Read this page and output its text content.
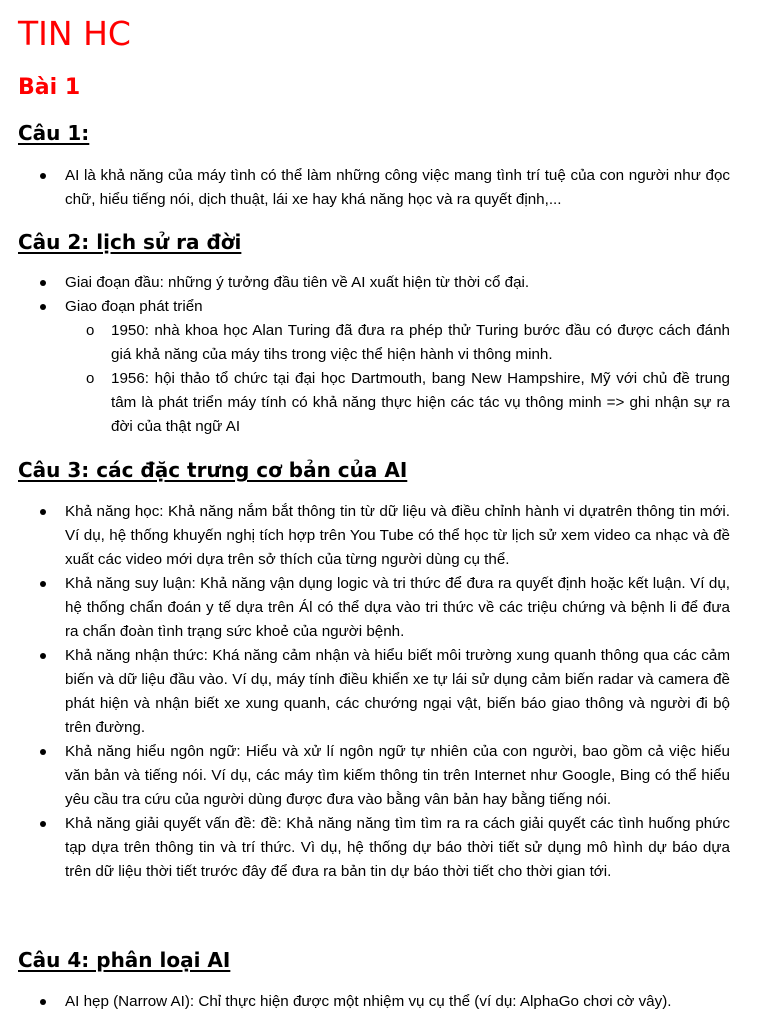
TIN HC
Bài 1
Câu 1:
AI là khả năng của máy tình có thể làm những công việc mang tình trí tuệ của con người như đọc chữ, hiểu tiếng nói, dịch thuật, lái xe hay khá năng học và ra quyết định,...
Câu 2: lịch sử ra đời
Giai đoạn đầu: những ý tưởng đầu tiên về AI xuất hiện từ thời cổ đại.
Giao đoạn phát triển
o 1950: nhà khoa học Alan Turing đã đưa ra phép thử Turing bước đầu có được cách đánh giá khả năng của máy tihs trong việc thể hiện hành vi thông minh.
o 1956: hội thảo tổ chức tại đại học Dartmouth, bang New Hampshire, Mỹ với chủ đề trung tâm là phát triển máy tính có khả năng thực hiện các tác vụ thông minh => ghi nhận sự ra đời của thật ngữ AI
Câu 3: các đặc trưng cơ bản của AI
Khả năng học: Khả năng nắm bắt thông tin từ dữ liệu và điều chỉnh hành vi dựatrên thông tin mới. Ví dụ, hệ thống khuyến nghị tích hợp trên You Tube có thể học từ lịch sử xem video ca nhạc và đề xuất các video mới dựa trên sở thích của từng người dùng cụ thể.
Khả năng suy luận: Khả năng vận dụng logic và tri thức để đưa ra quyết định hoặc kết luận. Ví dụ, hệ thống chẩn đoán y tế dựa trên Ál có thể dựa vào tri thức về các triệu chứng và bệnh li để đưa ra chẩn đoàn tình trạng sức khoẻ của người bệnh.
Khả năng nhận thức: Khá năng cảm nhận và hiểu biết môi trường xung quanh thông qua các cảm biến và dữ liệu đầu vào. Ví dụ, máy tính điều khiển xe tự lái sử dụng cảm biến radar và camera đề phát hiện và nhận biết xe xung quanh, các chướng ngại vật, biến báo giao thông và người đi bộ trên đường.
Khả năng hiểu ngôn ngữ: Hiểu và xử lí ngôn ngữ tự nhiên của con người, bao gồm cả việc hiếu văn bản và tiếng nói. Ví dụ, các máy tìm kiếm thông tin trên Internet như Google, Bing có thể hiểu yêu cầu tra cứu của người dùng được đưa vào bằng vân bản hay bằng tiếng nói.
Khả năng giải quyết vấn đề: đề: Khả năng năng tìm tìm ra ra cách giải quyết các tình huống phức tạp dựa trên thông tin và trí thức. Vì dụ, hệ thống dự báo thời tiết sử dụng mô hình dự báo dựa trên dữ liệu thời tiết trước đây để đưa ra bản tin dự báo thời tiết cho thời gian tới.
Câu 4: phân loại AI
AI hẹp (Narrow AI): Chỉ thực hiện được một nhiệm vụ cụ thể (ví dụ: AlphaGo chơi cờ vây).
